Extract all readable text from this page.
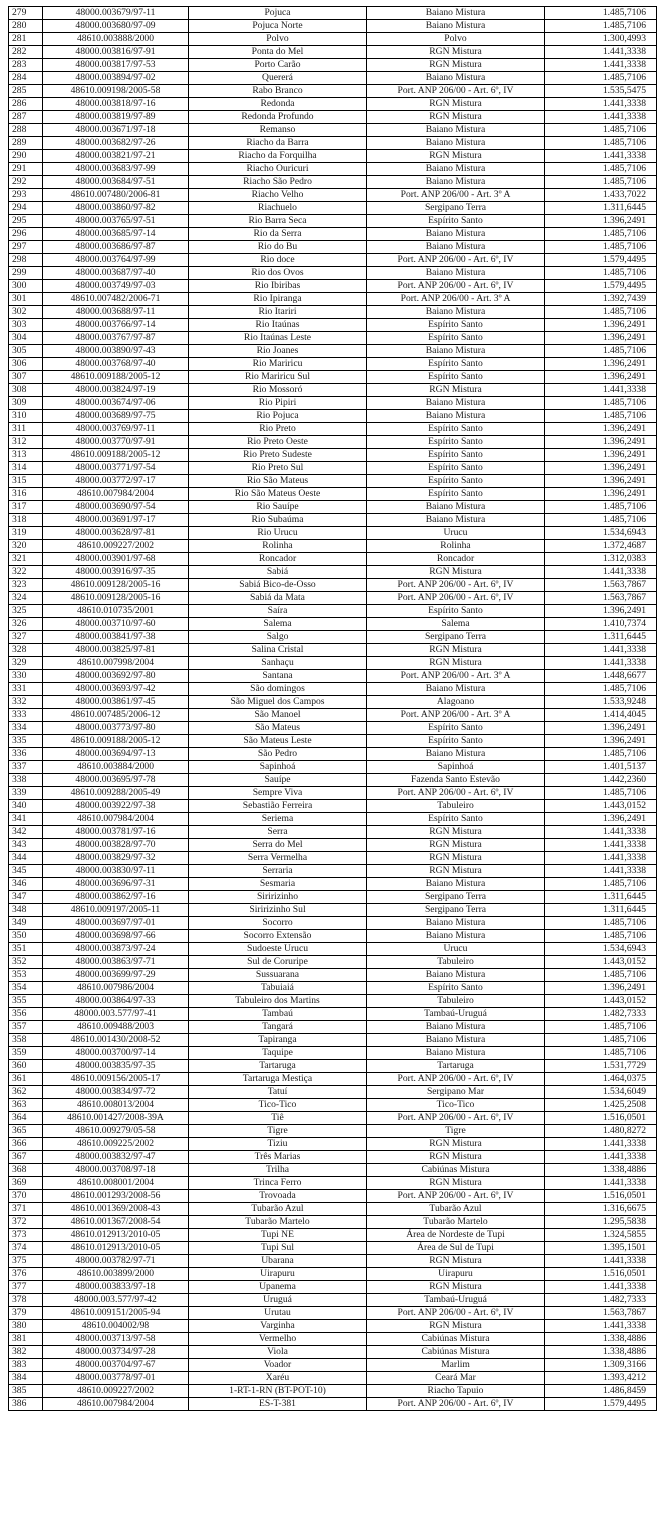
279	48000.003679/97-11	Pojuca	Baiano Mistura	1.485,7106
280	48000.003680/97-09	Pojuca Norte	Baiano Mistura	1.485,7106
281	48610.003888/2000	Polvo	Polvo	1.300,4993
282	48000.003816/97-91	Ponta do Mel	RGN Mistura	1.441,3338
283	48000.003817/97-53	Porto Carão	RGN Mistura	1.441,3338
284	48000.003894/97-02	Quererá	Baiano Mistura	1.485,7106
285	48610.009198/2005-58	Rabo Branco	Port. ANP 206/00 - Art. 6º, IV	1.535,5475
286	48000.003818/97-16	Redonda	RGN Mistura	1.441,3338
287	48000.003819/97-89	Redonda Profundo	RGN Mistura	1.441,3338
288	48000.003671/97-18	Remanso	Baiano Mistura	1.485,7106
289	48000.003682/97-26	Riacho da Barra	Baiano Mistura	1.485,7106
290	48000.003821/97-21	Riacho da Forquilha	RGN Mistura	1.441,3338
291	48000.003683/97-99	Riacho Ouricuri	Baiano Mistura	1.485,7106
292	48000.003684/97-51	Riacho São Pedro	Baiano Mistura	1.485,7106
293	48610.007480/2006-81	Riacho Velho	Port. ANP 206/00 - Art. 3º A	1.433,7022
294	48000.003860/97-82	Riachuelo	Sergipano Terra	1.311,6445
295	48000.003765/97-51	Rio Barra Seca	Espírito Santo	1.396,2491
296	48000.003685/97-14	Rio da Serra	Baiano Mistura	1.485,7106
297	48000.003686/97-87	Rio do Bu	Baiano Mistura	1.485,7106
298	48000.003764/97-99	Rio doce	Port. ANP 206/00 - Art. 6º, IV	1.579,4495
299	48000.003687/97-40	Rio dos Ovos	Baiano Mistura	1.485,7106
300	48000.003749/97-03	Rio Ibiribas	Port. ANP 206/00 - Art. 6º, IV	1.579,4495
301	48610.007482/2006-71	Rio Ipiranga	Port. ANP 206/00 - Art. 3º A	1.392,7439
302	48000.003688/97-11	Rio Itariri	Baiano Mistura	1.485,7106
303	48000.003766/97-14	Rio Itaúnas	Espírito Santo	1.396,2491
304	48000.003767/97-87	Rio Itaúnas Leste	Espírito Santo	1.396,2491
305	48000.003890/97-43	Rio Joanes	Baiano Mistura	1.485,7106
306	48000.003768/97-40	Rio Mariricu	Espírito Santo	1.396,2491
307	48610.009188/2005-12	Rio Mariricu Sul	Espírito Santo	1.396,2491
308	48000.003824/97-19	Rio Mossoró	RGN Mistura	1.441,3338
309	48000.003674/97-06	Rio Pipiri	Baiano Mistura	1.485,7106
310	48000.003689/97-75	Rio Pojuca	Baiano Mistura	1.485,7106
311	48000.003769/97-11	Rio Preto	Espírito Santo	1.396,2491
312	48000.003770/97-91	Rio Preto Oeste	Espírito Santo	1.396,2491
313	48610.009188/2005-12	Rio Preto Sudeste	Espírito Santo	1.396,2491
314	48000.003771/97-54	Rio Preto Sul	Espírito Santo	1.396,2491
315	48000.003772/97-17	Rio São Mateus	Espírito Santo	1.396,2491
316	48610.007984/2004	Rio São Mateus Oeste	Espírito Santo	1.396,2491
317	48000.003690/97-54	Rio Sauípe	Baiano Mistura	1.485,7106
318	48000.003691/97-17	Rio Subaúma	Baiano Mistura	1.485,7106
319	48000.003628/97-81	Rio Urucu	Urucu	1.534,6943
320	48610.009227/2002	Rolinha	Rolinha	1.372,4687
321	48000.003901/97-68	Roncador	Roncador	1.312,0383
322	48000.003916/97-35	Sabiá	RGN Mistura	1.441,3338
323	48610.009128/2005-16	Sabiá Bico-de-Osso	Port. ANP 206/00 - Art. 6º, IV	1.563,7867
324	48610.009128/2005-16	Sabiá da Mata	Port. ANP 206/00 - Art. 6º, IV	1.563,7867
325	48610.010735/2001	Saíra	Espírito Santo	1.396,2491
326	48000.003710/97-60	Salema	Salema	1.410,7374
327	48000.003841/97-38	Salgo	Sergipano Terra	1.311,6445
328	48000.003825/97-81	Salina Cristal	RGN Mistura	1.441,3338
329	48610.007998/2004	Sanhaçu	RGN Mistura	1.441,3338
330	48000.003692/97-80	Santana	Port. ANP 206/00 - Art. 3º A	1.448,6677
331	48000.003693/97-42	São domingos	Baiano Mistura	1.485,7106
332	48000.003861/97-45	São Miguel dos Campos	Alagoano	1.533,9248
333	48610.007485/2006-12	São Manoel	Port. ANP 206/00 - Art. 3º A	1.414,4045
334	48000.003773/97-80	São Mateus	Espírito Santo	1.396,2491
335	48610.009188/2005-12	São Mateus Leste	Espírito Santo	1.396,2491
336	48000.003694/97-13	São Pedro	Baiano Mistura	1.485,7106
337	48610.003884/2000	Sapinhoá	Sapinhoá	1.401,5137
338	48000.003695/97-78	Sauípe	Fazenda Santo Estevão	1.442,2360
339	48610.009288/2005-49	Sempre Viva	Port. ANP 206/00 - Art. 6º, IV	1.485,7106
340	48000.003922/97-38	Sebastião Ferreira	Tabuleiro	1.443,0152
341	48610.007984/2004	Seriema	Espírito Santo	1.396,2491
342	48000.003781/97-16	Serra	RGN Mistura	1.441,3338
343	48000.003828/97-70	Serra do Mel	RGN Mistura	1.441,3338
344	48000.003829/97-32	Serra Vermelha	RGN Mistura	1.441,3338
345	48000.003830/97-11	Serraria	RGN Mistura	1.441,3338
346	48000.003696/97-31	Sesmaria	Baiano Mistura	1.485,7106
347	48000.003862/97-16	Siririzinho	Sergipano Terra	1.311,6445
348	48610.009197/2005-11	Siririzinho Sul	Sergipano Terra	1.311,6445
349	48000.003697/97-01	Socorro	Baiano Mistura	1.485,7106
350	48000.003698/97-66	Socorro Extensão	Baiano Mistura	1.485,7106
351	48000.003873/97-24	Sudoeste Urucu	Urucu	1.534,6943
352	48000.003863/97-71	Sul de Coruripe	Tabuleiro	1.443,0152
353	48000.003699/97-29	Sussuarana	Baiano Mistura	1.485,7106
354	48610.007986/2004	Tabuiaiá	Espírito Santo	1.396,2491
355	48000.003864/97-33	Tabuleiro dos Martins	Tabuleiro	1.443,0152
356	48000.003.577/97-41	Tambaú	Tambaú-Uruguá	1.482,7333
357	48610.009488/2003	Tangará	Baiano Mistura	1.485,7106
358	48610.001430/2008-52	Tapiranga	Baiano Mistura	1.485,7106
359	48000.003700/97-14	Taquipe	Baiano Mistura	1.485,7106
360	48000.003835/97-35	Tartaruga	Tartaruga	1.531,7729
361	48610.009156/2005-17	Tartaruga Mestiça	Port. ANP 206/00 - Art. 6º, IV	1.464,0375
362	48000.003834/97-72	Tatuí	Sergipano Mar	1.534,6049
363	48610.008013/2004	Tico-Tico	Tico-Tico	1.425,2508
364	48610.001427/2008-39A	Tiê	Port. ANP 206/00 - Art. 6º, IV	1.516,0501
365	48610.009279/05-58	Tigre	Tigre	1.480,8272
366	48610.009225/2002	Tiziu	RGN Mistura	1.441,3338
367	48000.003832/97-47	Três Marias	RGN Mistura	1.441,3338
368	48000.003708/97-18	Trilha	Cabiúnas Mistura	1.338,4886
369	48610.008001/2004	Trinca Ferro	RGN Mistura	1.441,3338
370	48610.001293/2008-56	Trovoada	Port. ANP 206/00 - Art. 6º, IV	1.516,0501
371	48610.001369/2008-43	Tubarão Azul	Tubarão Azul	1.316,6675
372	48610.001367/2008-54	Tubarão Martelo	Tubarão Martelo	1.295,5838
373	48610.012913/2010-05	Tupi NE	Área de Nordeste de Tupi	1.324,5855
374	48610.012913/2010-05	Tupi Sul	Área de Sul de Tupi	1.395,1501
375	48000.003782/97-71	Ubarana	RGN Mistura	1.441,3338
376	48610.003899/2000	Uirapuru	Uirapuru	1.516,0501
377	48000.003833/97-18	Upanema	RGN Mistura	1.441,3338
378	48000.003.577/97-42	Uruguá	Tambaú-Uruguá	1.482,7333
379	48610.009151/2005-94	Urutau	Port. ANP 206/00 - Art. 6º, IV	1.563,7867
380	48610.004002/98	Varginha	RGN Mistura	1.441,3338
381	48000.003713/97-58	Vermelho	Cabiúnas Mistura	1.338,4886
382	48000.003734/97-28	Viola	Cabiúnas Mistura	1.338,4886
383	48000.003704/97-67	Voador	Marlim	1.309,3166
384	48000.003778/97-01	Xaréu	Ceará Mar	1.393,4212
385	48610.009227/2002	1-RT-1-RN (BT-POT-10)	Riacho Tapuio	1.486,8459
386	48610.007984/2004	ES-T-381	Port. ANP 206/00 - Art. 6º, IV	1.579,4495
